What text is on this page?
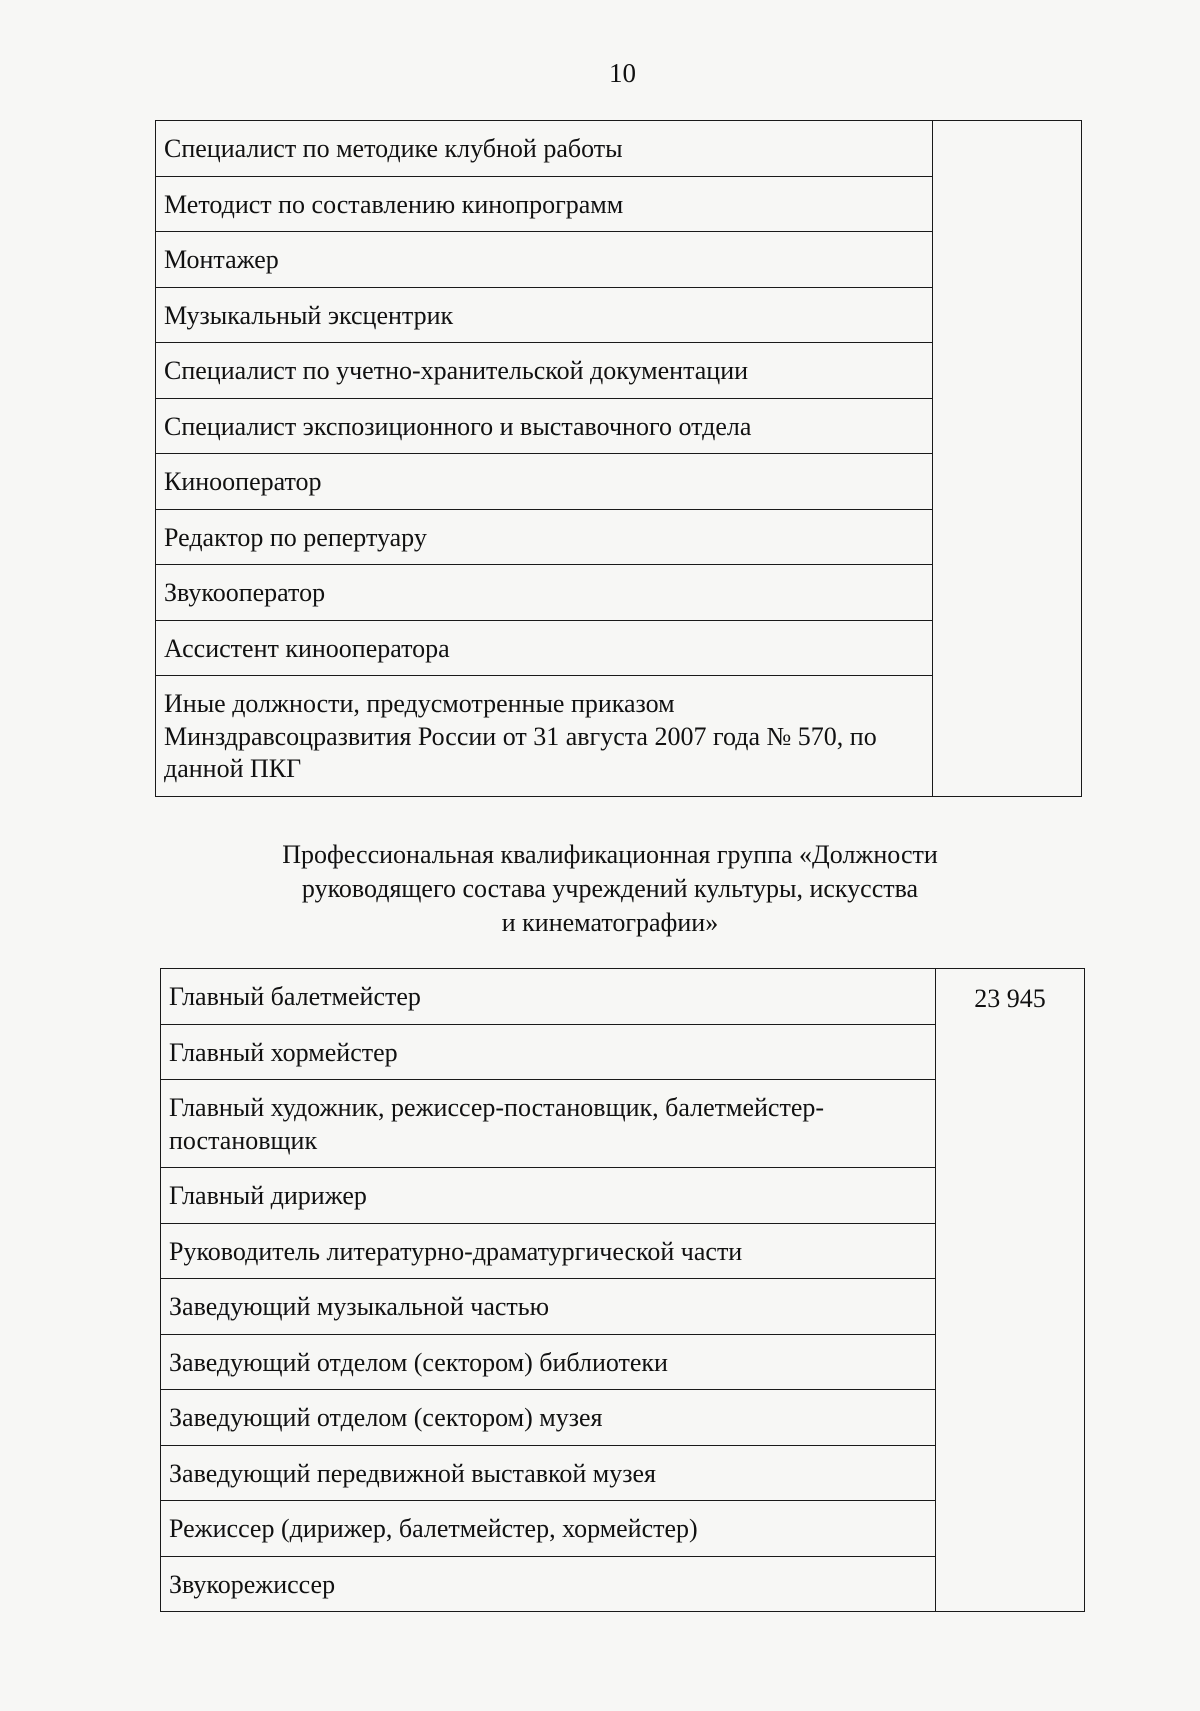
10
Специалист по методике клубной работы	
Методист по составлению кинопрограмм
Монтажер
Музыкальный эксцентрик
Специалист по учетно-хранительской документации
Специалист экспозиционного и выставочного отдела
Кинооператор
Редактор по репертуару
Звукооператор
Ассистент кинооператора
Иные должности, предусмотренные приказом Минздравсоцразвития России от 31 августа 2007 года № 570, по данной ПКГ
Профессиональная квалификационная группа «Должности
руководящего состава учреждений культуры, искусства
и кинематографии»
Главный балетмейстер	23 945
Главный хормейстер
Главный художник, режиссер-постановщик, балетмейстер-постановщик
Главный дирижер
Руководитель литературно-драматургической части
Заведующий музыкальной частью
Заведующий отделом (сектором) библиотеки
Заведующий отделом (сектором) музея
Заведующий передвижной выставкой музея
Режиссер (дирижер, балетмейстер, хормейстер)
Звукорежиссер
